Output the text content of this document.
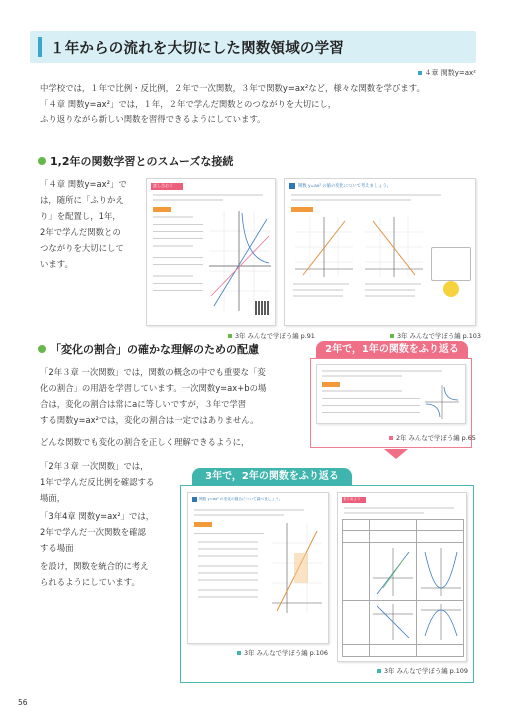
１年からの流れを大切にした関数領域の学習
４章 関数y=ax²
中学校では，１年で比例・反比例，２年で一次関数，３年で関数y=ax²など，様々な関数を学びます。
「４章 関数y=ax²」では，１年，２年で学んだ関数とのつながりを大切にし，
ふり返りながら新しい関数を習得できるようにしています。
1,2年の関数学習とのスムーズな接続
「４章 関数y=ax²」で
は，随所に「ふりかえ
り」を配置し，1年，
2年で学んだ関数との
つながりを大切にして
います。
話し合おう	関数 y=ax² の値の変化について考えましょう。
3年 みんなで学ぼう編 p.91	3年 みんなで学ぼう編 p.103
「変化の割合」の確かな理解のための配慮
「2年３章 一次関数」では，関数の概念の中でも重要な「変
化の割合」の用語を学習しています。一次関数y=ax+bの場
合は，変化の割合は常にaに等しいですが，３年で学習
する関数y=ax²では，変化の割合は一定ではありません。
どんな関数でも変化の割合を正しく理解できるように，
「2年３章 一次関数」では，
1年で学んだ反比例を確認する
場面，
「3年4章 関数y=ax²」では，
2年で学んだ一次関数を確認
する場面
を設け，関数を統合的に考え
られるようにしています。
2年で，1年の関数をふり返る
2年 みんなで学ぼう編 p.65
3年で，2年の関数をふり返る
関数 y=ax² の変化の割合について調べましょう。	まとめよう
3年 みんなで学ぼう編 p.106
3年 みんなで学ぼう編 p.109
56
